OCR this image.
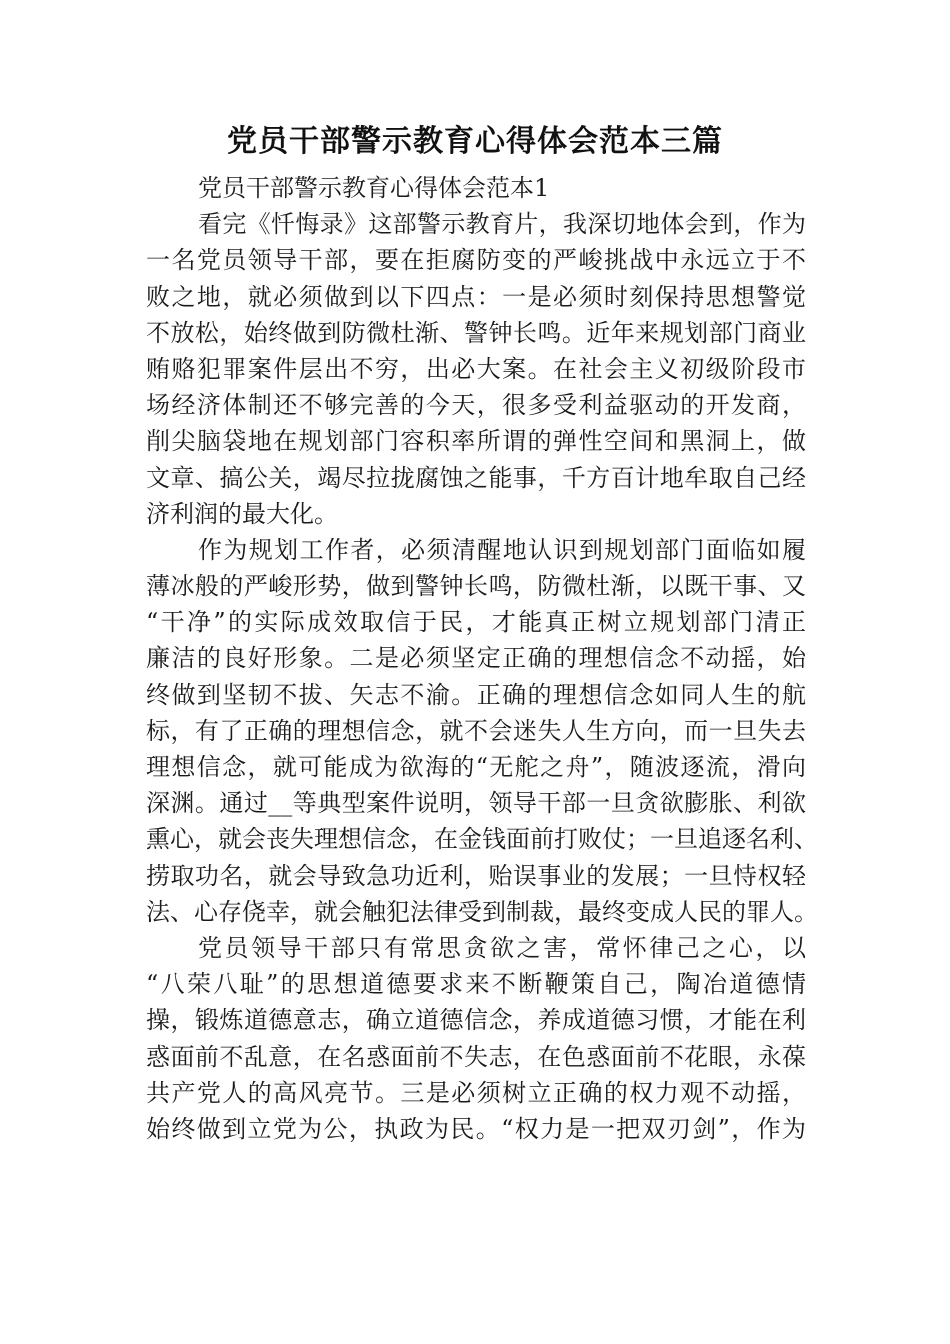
党员干部警示教育心得体会范本三篇
党员干部警示教育心得体会范本1
看完《忏悔录》这部警示教育片，我深切地体会到，作为
一名党员领导干部，要在拒腐防变的严峻挑战中永远立于不
败之地，就必须做到以下四点：一是必须时刻保持思想警觉
不放松，始终做到防微杜渐、警钟长鸣。近年来规划部门商业
贿赂犯罪案件层出不穷，出必大案。在社会主义初级阶段市
场经济体制还不够完善的今天，很多受利益驱动的开发商，
削尖脑袋地在规划部门容积率所谓的弹性空间和黑洞上，做
文章、搞公关，竭尽拉拢腐蚀之能事，千方百计地牟取自己经
济利润的最大化。
作为规划工作者，必须清醒地认识到规划部门面临如履
薄冰般的严峻形势，做到警钟长鸣，防微杜渐，以既干事、又
“干净”的实际成效取信于民，才能真正树立规划部门清正
廉洁的良好形象。二是必须坚定正确的理想信念不动摇，始
终做到坚韧不拔、矢志不渝。正确的理想信念如同人生的航
标，有了正确的理想信念，就不会迷失人生方向，而一旦失去
理想信念，就可能成为欲海的“无舵之舟”，随波逐流，滑向
深渊。通过__等典型案件说明，领导干部一旦贪欲膨胀、利欲
熏心，就会丧失理想信念，在金钱面前打败仗；一旦追逐名利、
捞取功名，就会导致急功近利，贻误事业的发展；一旦恃权轻
法、心存侥幸，就会触犯法律受到制裁，最终变成人民的罪人。
党员领导干部只有常思贪欲之害，常怀律己之心，以
“八荣八耻”的思想道德要求来不断鞭策自己，陶冶道德情
操，锻炼道德意志，确立道德信念，养成道德习惯，才能在利
惑面前不乱意，在名惑面前不失志，在色惑面前不花眼，永葆
共产党人的高风亮节。三是必须树立正确的权力观不动摇，
始终做到立党为公，执政为民。“权力是一把双刃剑”，作为
